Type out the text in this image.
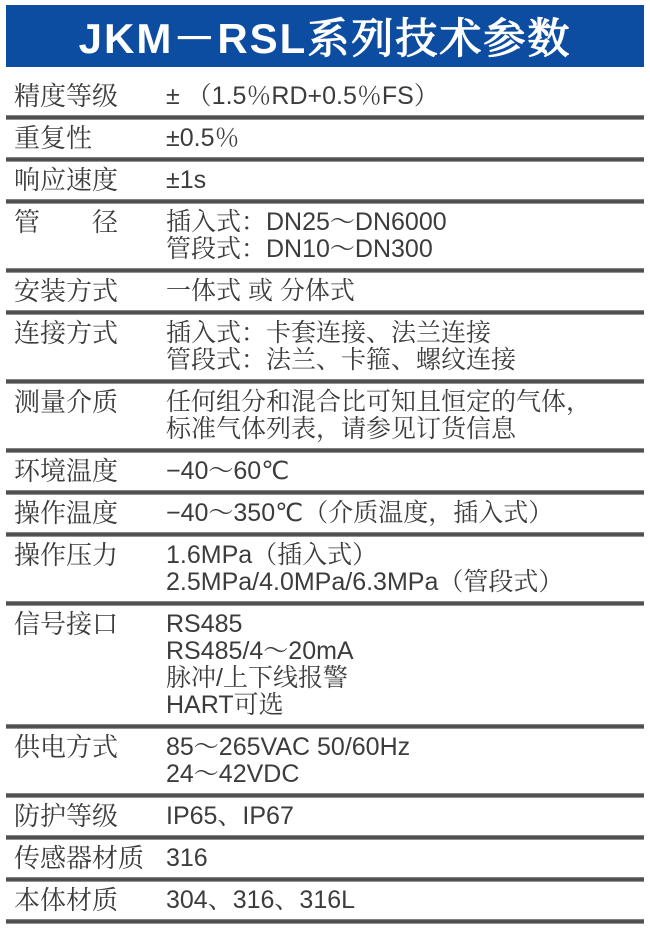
JKM－RSL系列技术参数
精度等级	± （1.5％RD+0.5％FS）
重复性	±0.5％
响应速度	±1s
管　　径	插入式：DN25～DN6000
管段式：DN10～DN300
安装方式	一体式 或 分体式
连接方式	插入式：卡套连接、法兰连接
管段式：法兰、卡箍、螺纹连接
测量介质	任何组分和混合比可知且恒定的气体，
标准气体列表，请参见订货信息
环境温度	−40～60℃
操作温度	−40～350℃（介质温度，插入式）
操作压力	1.6MPa（插入式）
2.5MPa/4.0MPa/6.3MPa（管段式）
信号接口	RS485
RS485/4～20mA
脉冲/上下线报警
HART可选
供电方式	85～265VAC 50/60Hz
24～42VDC
防护等级	IP65、IP67
传感器材质 316
本体材质	304、316、316L
